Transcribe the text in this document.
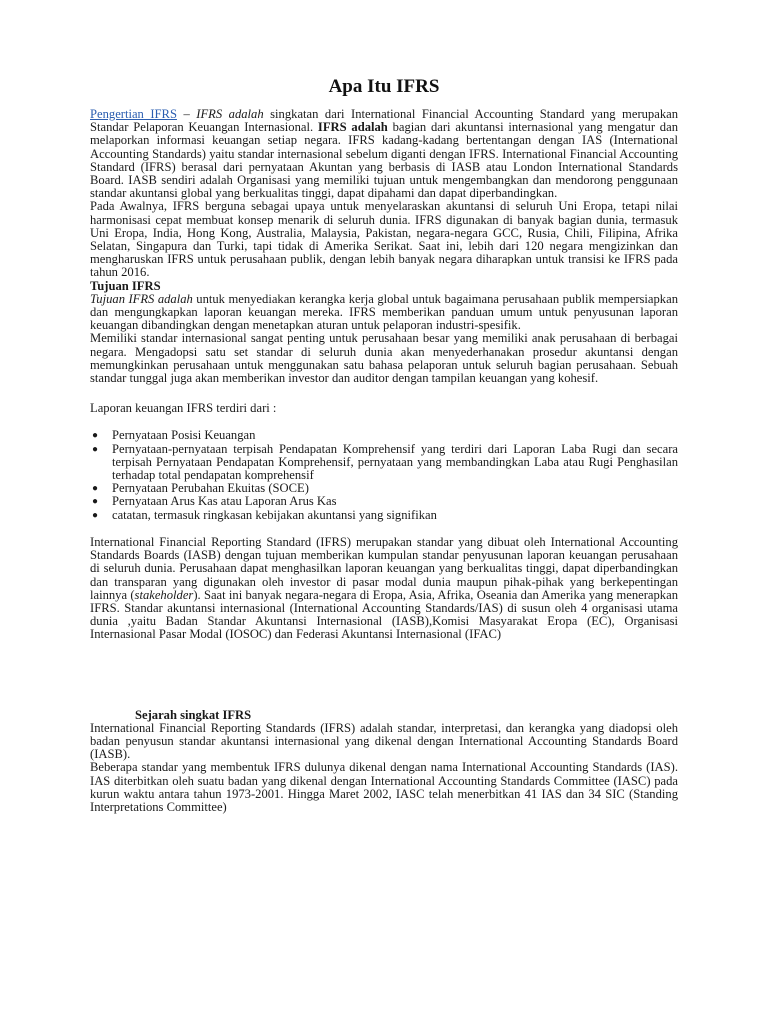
Apa Itu IFRS

Pengertian IFRS – IFRS adalah singkatan dari International Financial Accounting Standard yang merupakan Standar Pelaporan Keuangan Internasional. IFRS adalah bagian dari akuntansi internasional yang mengatur dan melaporkan informasi keuangan setiap negara. IFRS kadang-kadang bertentangan dengan IAS (International Accounting Standards) yaitu standar internasional sebelum diganti dengan IFRS. International Financial Accounting Standard (IFRS) berasal dari pernyataan Akuntan yang berbasis di IASB atau London International Standards Board. IASB sendiri adalah Organisasi yang memiliki tujuan untuk mengembangkan dan mendorong penggunaan standar akuntansi global yang berkualitas tinggi, dapat dipahami dan dapat diperbandingkan.

Pada Awalnya, IFRS berguna sebagai upaya untuk menyelaraskan akuntansi di seluruh Uni Eropa, tetapi nilai harmonisasi cepat membuat konsep menarik di seluruh dunia. IFRS digunakan di banyak bagian dunia, termasuk Uni Eropa, India, Hong Kong, Australia, Malaysia, Pakistan, negara-negara GCC, Rusia, Chili, Filipina, Afrika Selatan, Singapura dan Turki, tapi tidak di Amerika Serikat. Saat ini, lebih dari 120 negara mengizinkan dan mengharuskan IFRS untuk perusahaan publik, dengan lebih banyak negara diharapkan untuk transisi ke IFRS pada tahun 2016.

Tujuan IFRS

Tujuan IFRS adalah untuk menyediakan kerangka kerja global untuk bagaimana perusahaan publik mempersiapkan dan mengungkapkan laporan keuangan mereka. IFRS memberikan panduan umum untuk penyusunan laporan keuangan dibandingkan dengan menetapkan aturan untuk pelaporan industri-spesifik.

Memiliki standar internasional sangat penting untuk perusahaan besar yang memiliki anak perusahaan di berbagai negara. Mengadopsi satu set standar di seluruh dunia akan menyederhanakan prosedur akuntansi dengan memungkinkan perusahaan untuk menggunakan satu bahasa pelaporan untuk seluruh bagian perusahaan. Sebuah standar tunggal juga akan memberikan investor dan auditor dengan tampilan keuangan yang kohesif.

Laporan keuangan IFRS terdiri dari :

● Pernyataan Posisi Keuangan
● Pernyataan-pernyataan terpisah Pendapatan Komprehensif yang terdiri dari Laporan Laba Rugi dan secara terpisah Pernyataan Pendapatan Komprehensif, pernyataan yang membandingkan Laba atau Rugi Penghasilan terhadap total pendapatan komprehensif
● Pernyataan Perubahan Ekuitas (SOCE)
● Pernyataan Arus Kas atau Laporan Arus Kas
● catatan, termasuk ringkasan kebijakan akuntansi yang signifikan

International Financial Reporting Standard (IFRS) merupakan standar yang dibuat oleh International Accounting Standards Boards (IASB) dengan tujuan memberikan kumpulan standar penyusunan laporan keuangan perusahaan di seluruh dunia. Perusahaan dapat menghasilkan laporan keuangan yang berkualitas tinggi, dapat diperbandingkan dan transparan yang digunakan oleh investor di pasar modal dunia maupun pihak-pihak yang berkepentingan lainnya (stakeholder). Saat ini banyak negara-negara di Eropa, Asia, Afrika, Oseania dan Amerika yang menerapkan IFRS. Standar akuntansi internasional (International Accounting Standards/IAS) di susun oleh 4 organisasi utama dunia ,yaitu Badan Standar Akuntansi Internasional (IASB),Komisi Masyarakat Eropa (EC), Organisasi Internasional Pasar Modal (IOSOC) dan Federasi Akuntansi Internasional (IFAC)

Sejarah singkat IFRS

International Financial Reporting Standards (IFRS) adalah standar, interpretasi, dan kerangka yang diadopsi oleh badan penyusun standar akuntansi internasional yang dikenal dengan International Accounting Standards Board (IASB).

Beberapa standar yang membentuk IFRS dulunya dikenal dengan nama International Accounting Standards (IAS). IAS diterbitkan oleh suatu badan yang dikenal dengan International Accounting Standards Committee (IASC) pada kurun waktu antara tahun 1973-2001. Hingga Maret 2002, IASC telah menerbitkan 41 IAS dan 34 SIC (Standing Interpretations Committee)
